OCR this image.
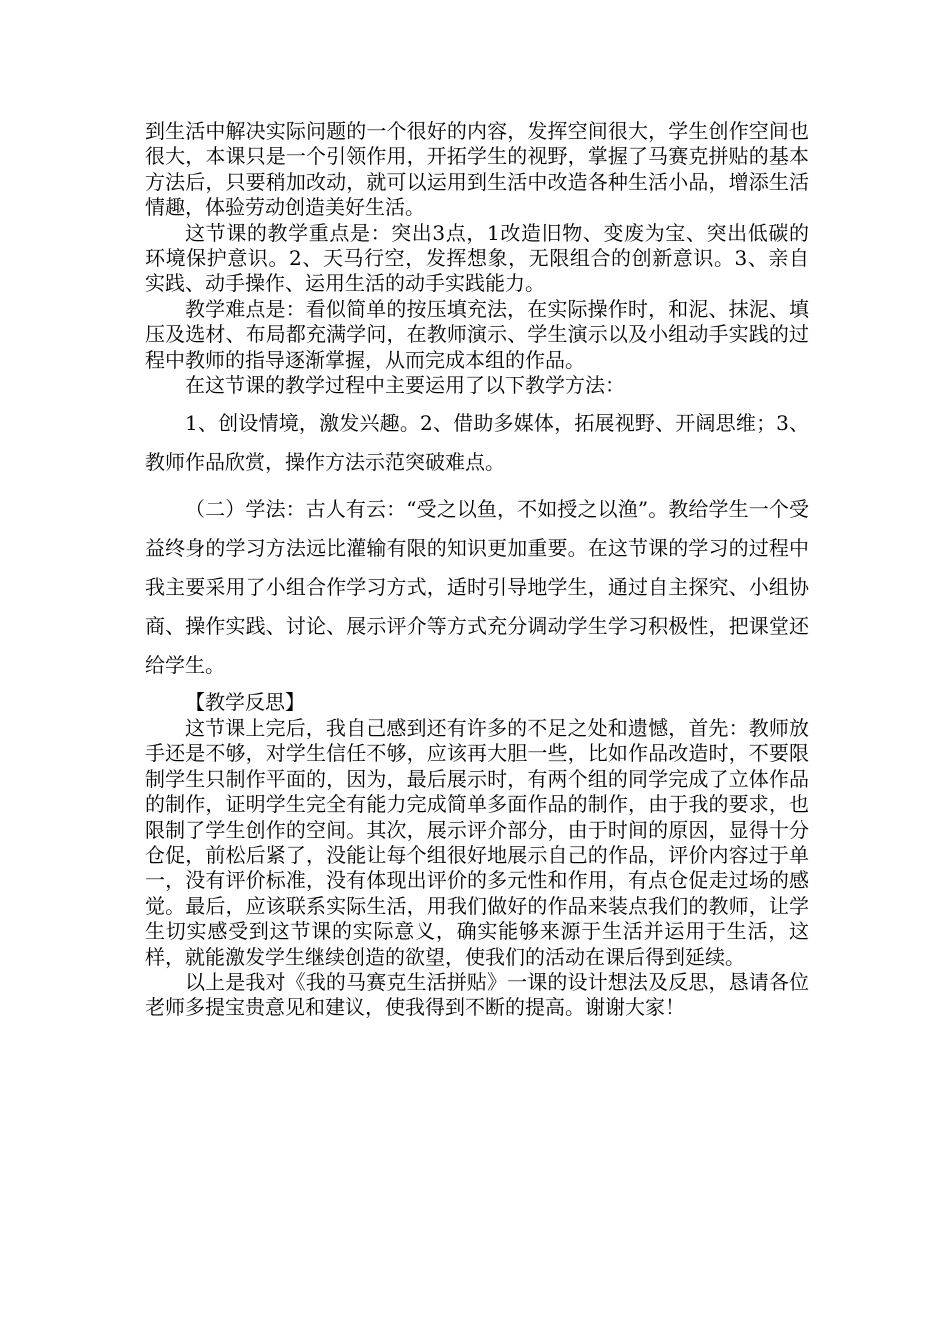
到生活中解决实际问题的一个很好的内容，发挥空间很大，学生创作空间也很大，本课只是一个引领作用，开拓学生的视野，掌握了马赛克拼贴的基本方法后，只要稍加改动，就可以运用到生活中改造各种生活小品，增添生活情趣，体验劳动创造美好生活。

这节课的教学重点是：突出3点，1改造旧物、变废为宝、突出低碳的环境保护意识。2、天马行空，发挥想象，无限组合的创新意识。3、亲自实践、动手操作、运用生活的动手实践能力。

教学难点是：看似简单的按压填充法，在实际操作时，和泥、抹泥、填压及选材、布局都充满学问，在教师演示、学生演示以及小组动手实践的过程中教师的指导逐渐掌握，从而完成本组的作品。

在这节课的教学过程中主要运用了以下教学方法：

1、创设情境，激发兴趣。2、借助多媒体，拓展视野、开阔思维；3、教师作品欣赏，操作方法示范突破难点。

（二）学法：古人有云：“受之以鱼，不如授之以渔”。教给学生一个受益终身的学习方法远比灌输有限的知识更加重要。在这节课的学习的过程中我主要采用了小组合作学习方式，适时引导地学生，通过自主探究、小组协商、操作实践、讨论、展示评介等方式充分调动学生学习积极性，把课堂还给学生。

【教学反思】

这节课上完后，我自己感到还有许多的不足之处和遗憾，首先：教师放手还是不够，对学生信任不够，应该再大胆一些，比如作品改造时，不要限制学生只制作平面的，因为，最后展示时，有两个组的同学完成了立体作品的制作，证明学生完全有能力完成简单多面作品的制作，由于我的要求，也限制了学生创作的空间。其次，展示评介部分，由于时间的原因，显得十分仓促，前松后紧了，没能让每个组很好地展示自己的作品，评价内容过于单一，没有评价标准，没有体现出评价的多元性和作用，有点仓促走过场的感觉。最后，应该联系实际生活，用我们做好的作品来装点我们的教师，让学生切实感受到这节课的实际意义，确实能够来源于生活并运用于生活，这样，就能激发学生继续创造的欲望，使我们的活动在课后得到延续。

以上是我对《我的马赛克生活拼贴》一课的设计想法及反思，恳请各位老师多提宝贵意见和建议，使我得到不断的提高。谢谢大家！
